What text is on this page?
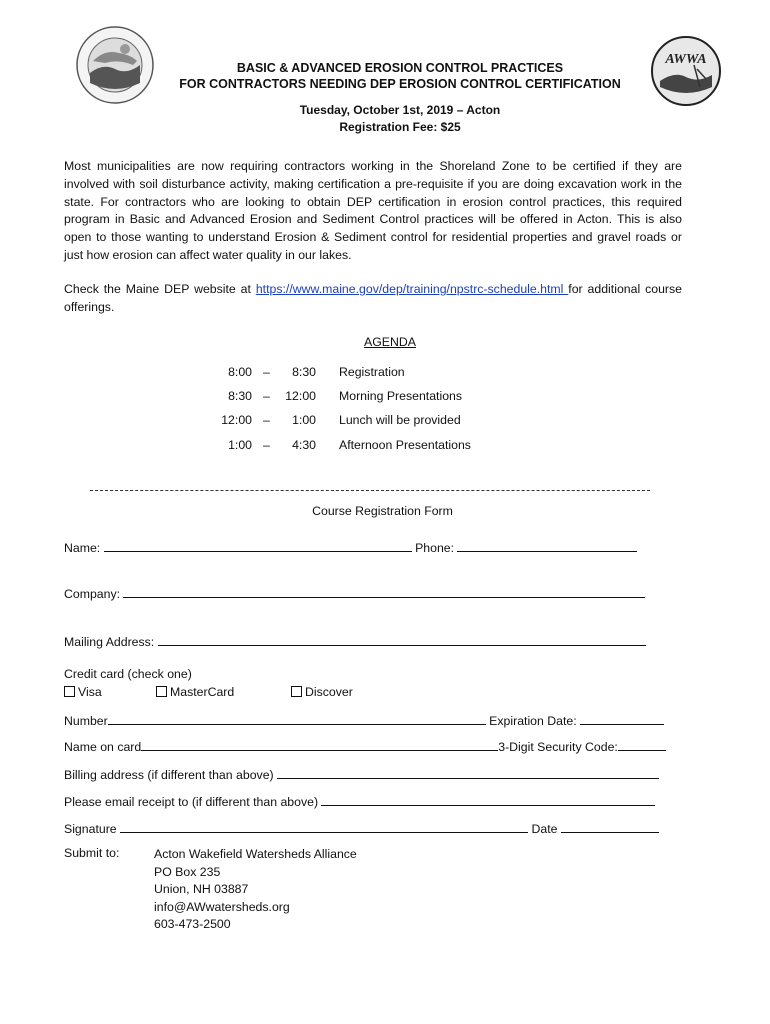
AWWA
BASIC & ADVANCED EROSION CONTROL PRACTICES
FOR CONTRACTORS NEEDING DEP EROSION CONTROL CERTIFICATION
Tuesday, October 1st, 2019 – Acton
Registration Fee: $25
Most municipalities are now requiring contractors working in the Shoreland Zone to be certified if they are involved with soil disturbance activity, making certification a pre-requisite if you are doing excavation work in the state. For contractors who are looking to obtain DEP certification in erosion control practices, this required program in Basic and Advanced Erosion and Sediment Control practices will be offered in Acton. This is also open to those wanting to understand Erosion & Sediment control for residential properties and gravel roads or just how erosion can affect water quality in our lakes.
Check the Maine DEP website at https://www.maine.gov/dep/training/npstrc-schedule.html for additional course offerings.
AGENDA
8:00 –	8:30 Registration
8:30 –	12:00 Morning Presentations
12:00 –	1:00 Lunch will be provided
1:00 –	4:30 Afternoon Presentations
Course Registration Form
Name:	Phone:
Company:
Mailing Address:
Credit card (check one)
Visa	MasterCard	Discover
Number	Expiration Date:
Name on card	3-Digit Security Code:
Billing address (if different than above)
Please email receipt to (if different than above)
Signature	Date
Submit to:	Acton Wakefield Watersheds Alliance
PO Box 235
Union, NH 03887
info@AWwatersheds.org
603-473-2500
